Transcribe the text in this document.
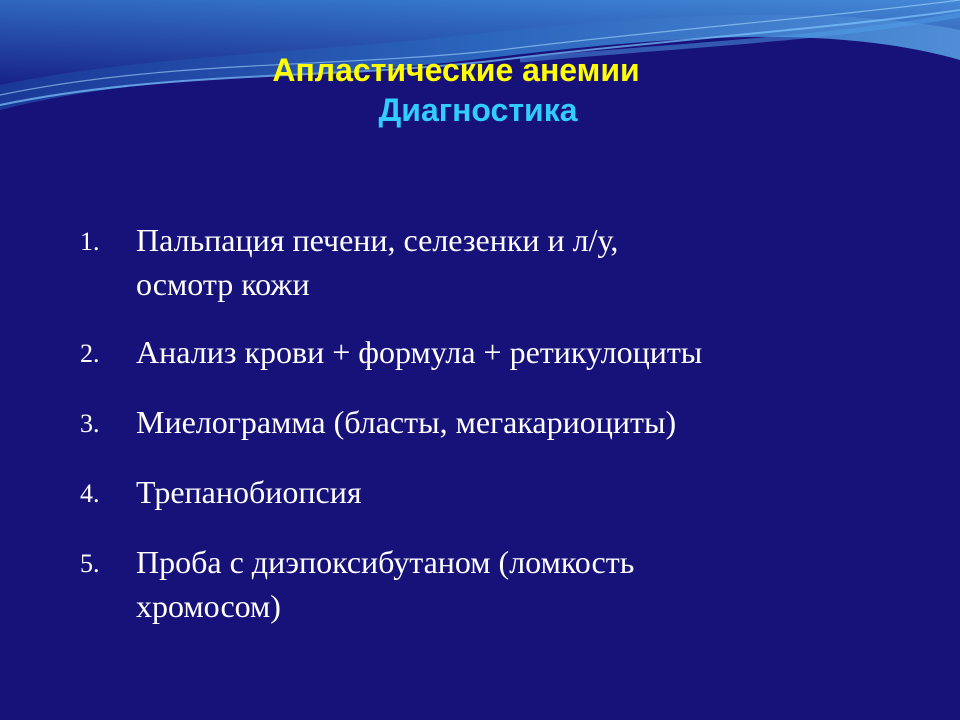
Апластические анемии
Диагностика
1.	Пальпация печени, селезенки и л/у,
осмотр кожи
2.	Анализ крови + формула + ретикулоциты
3.	Миелограмма (бласты, мегакариоциты)
4.	Трепанобиопсия
5.	Проба с диэпоксибутаном (ломкость
хромосом)
